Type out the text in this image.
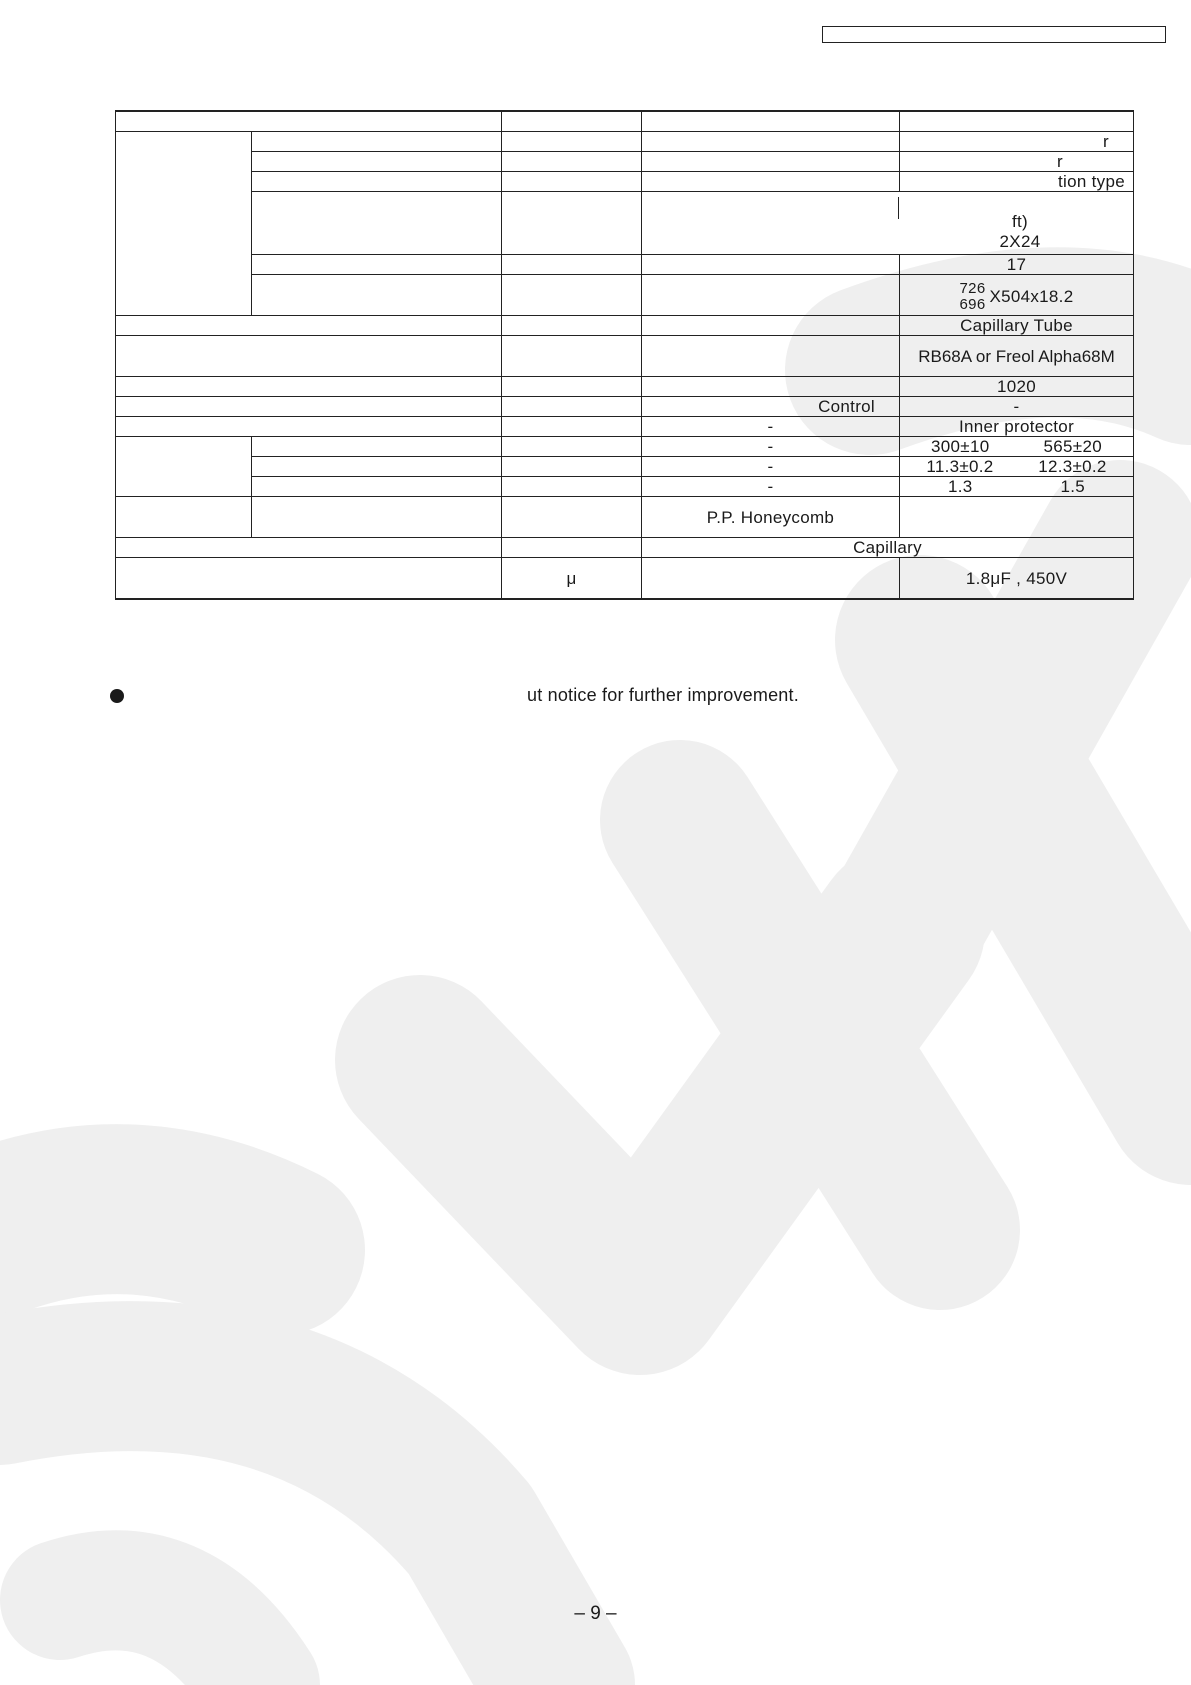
				r
				r
				tion type

			ft)
2X24	

				17

				726
696 X504x18.2

				Capillary Tube
				RB68A or Freol Alpha68M
				1020
			Control	-
			-	Inner protector
			-	300±10 565±20

			-	11.3±0.2 12.3±0.2

			-	1.3 1.5

			P.P. Honeycomb	
			Capillary	
		μ		1.8μF , 450V
ut notice for further improvement.
– 9 –
